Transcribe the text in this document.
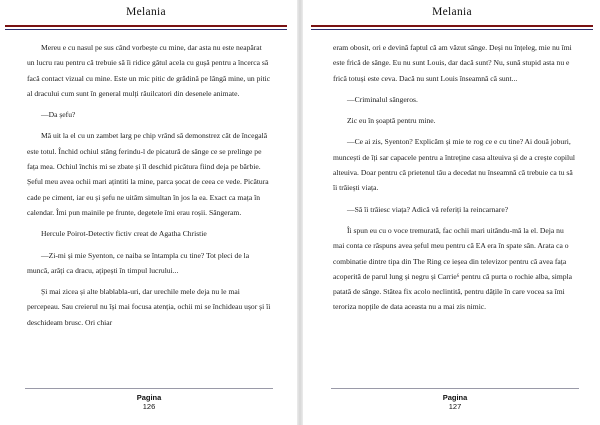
Melania

Mereu e cu nasul pe sus când vorbește cu mine, dar asta nu este neapărat un lucru rau pentru că trebuie să îi ridice gâtul acela cu gușă pentru a încerca să facă contact vizual cu mine. Este un mic pitic de grădină pe lângă mine, un pitic al dracului cum sunt în general mulți răuilcatori din desenele animate.

—Da șefu?

Mă uit la el cu un zambet larg pe chip vrând să demonstrez cât de încegală este totul. Închid ochiul stâng ferindu-l de picatură de sânge ce se prelinge pe fața mea. Ochiul închis mi se zbate și îl deschid picătura fiind deja pe bărbie. Șeful meu avea ochii mari ațintiti la mine, parca șocat de ceea ce vede. Picătura cade pe ciment, iar eu și șefu ne uităm simultan în jos la ea. Exact ca mața în calendar. Îmi pun mainile pe frunte, degetele îmi erau roșii. Sângeram.

Hercule Poirot-Detectiv fictiv creat de Agatha Christie

—Zi-mi și mie Syenton, ce naiba se întampla cu tine? Tot pleci de la muncă, arăți ca dracu, ațipești în timpul lucrului...

Și mai zicea și alte blablabla-uri, dar urechile mele deja nu le mai percepeau. Sau creierul nu își mai focusa atenția, ochii mi se închideau ușor și îi deschideam brusc. Ori chiar

Pagina
126
Melania

eram obosit, ori e devină faptul că am văzut sânge. Deși nu înțeleg, mie nu îmi este frică de sânge. Eu nu sunt Louis, dar dacă sunt? Nu, sună stupid asta nu e frică totuși este ceva. Dacă nu sunt Louis înseamnă că sunt...

—Criminalul sângeros.

Zic eu în șoaptă pentru mine.

—Ce ai zis, Syenton? Explicăm și mie te rog ce e cu tine? Ai două joburi, muncești de îți sar capacele pentru a întreține casa alteuiva și de a crește copilul alteuiva. Doar pentru că prietenul tău a decedat nu înseamnă că trebuie ca tu să îi trăiești viața.

—Să îi trăiesc viața? Adică vă referiți la reincarnare?

Îi spun eu cu o voce tremurată, fac ochii mari uitându-mă la el. Deja nu mai conta ce răspuns avea șeful meu pentru că EA era în spate săn. Arata ca o combinatie dintre tipa din The Ring ce ieșea din televizor pentru că avea fața acoperită de parul lung și negru și Carrie⁶ pentru că purta o rochie alba, simpla patată de sânge. Stătea fix acolo neclintită, pentru dățile în care vocea sa îmi teroriza nopțile de data aceasta nu a mai zis nimic.

Pagina
127
